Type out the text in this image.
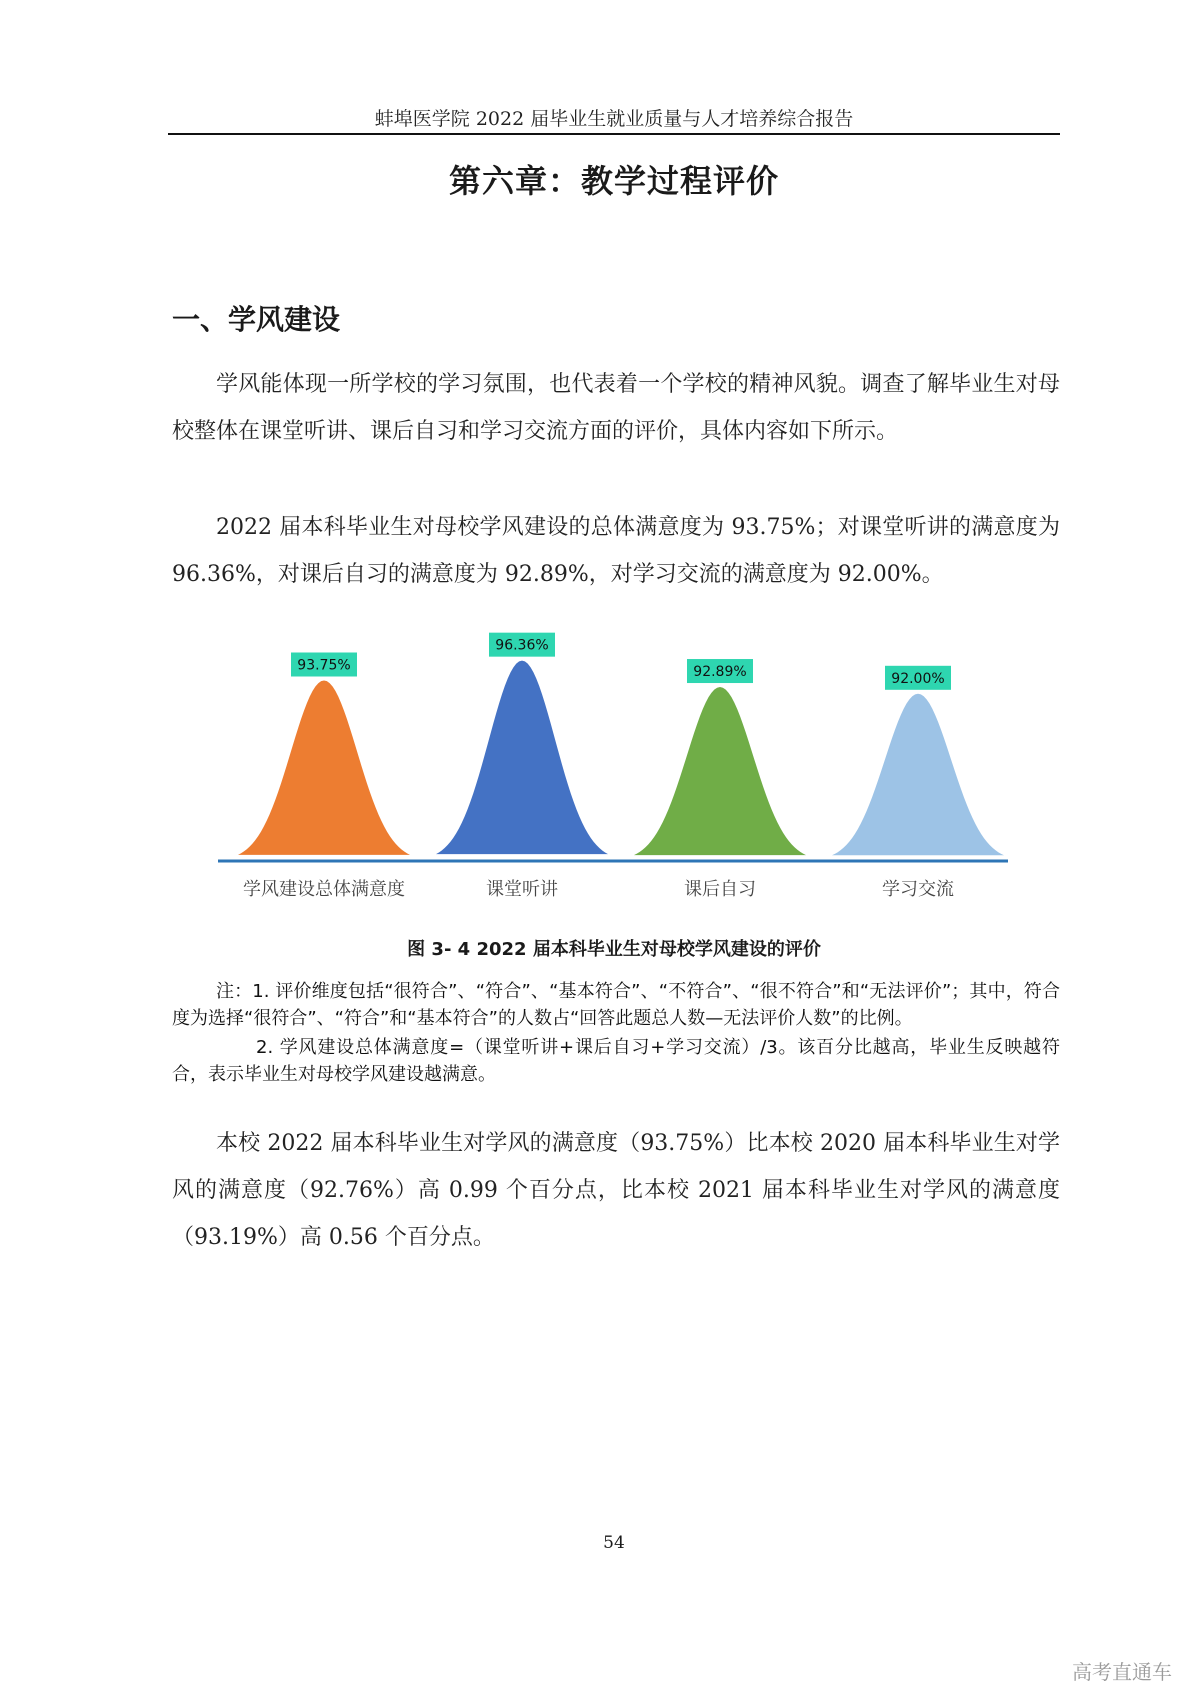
蚌埠医学院 2022 届毕业生就业质量与人才培养综合报告
第六章：教学过程评价
一、学风建设

学风能体现一所学校的学习氛围，也代表着一个学校的精神风貌。调查了解毕业生对母校整体在课堂听讲、课后自习和学习交流方面的评价，具体内容如下所示。

2022 届本科毕业生对母校学风建设的总体满意度为 93.75%；对课堂听讲的满意度为 96.36%，对课后自习的满意度为 92.89%，对学习交流的满意度为 92.00%。

93.75%
学风建设总体满意度
96.36%
课堂听讲
92.89%
课后自习
92.00%
学习交流
图 3- 4 2022 届本科毕业生对母校学风建设的评价

注：1. 评价维度包括“很符合”、“符合”、“基本符合”、“不符合”、“很不符合”和“无法评价”；其中，符合度为选择“很符合”、“符合”和“基本符合”的人数占“回答此题总人数—无法评价人数”的比例。

2. 学风建设总体满意度=（课堂听讲+课后自习+学习交流）/3。该百分比越高，毕业生反映越符合，表示毕业生对母校学风建设越满意。

本校 2022 届本科毕业生对学风的满意度（93.75%）比本校 2020 届本科毕业生对学风的满意度（92.76%）高 0.99 个百分点，比本校 2021 届本科毕业生对学风的满意度（93.19%）高 0.56 个百分点。

54
高考直通车
